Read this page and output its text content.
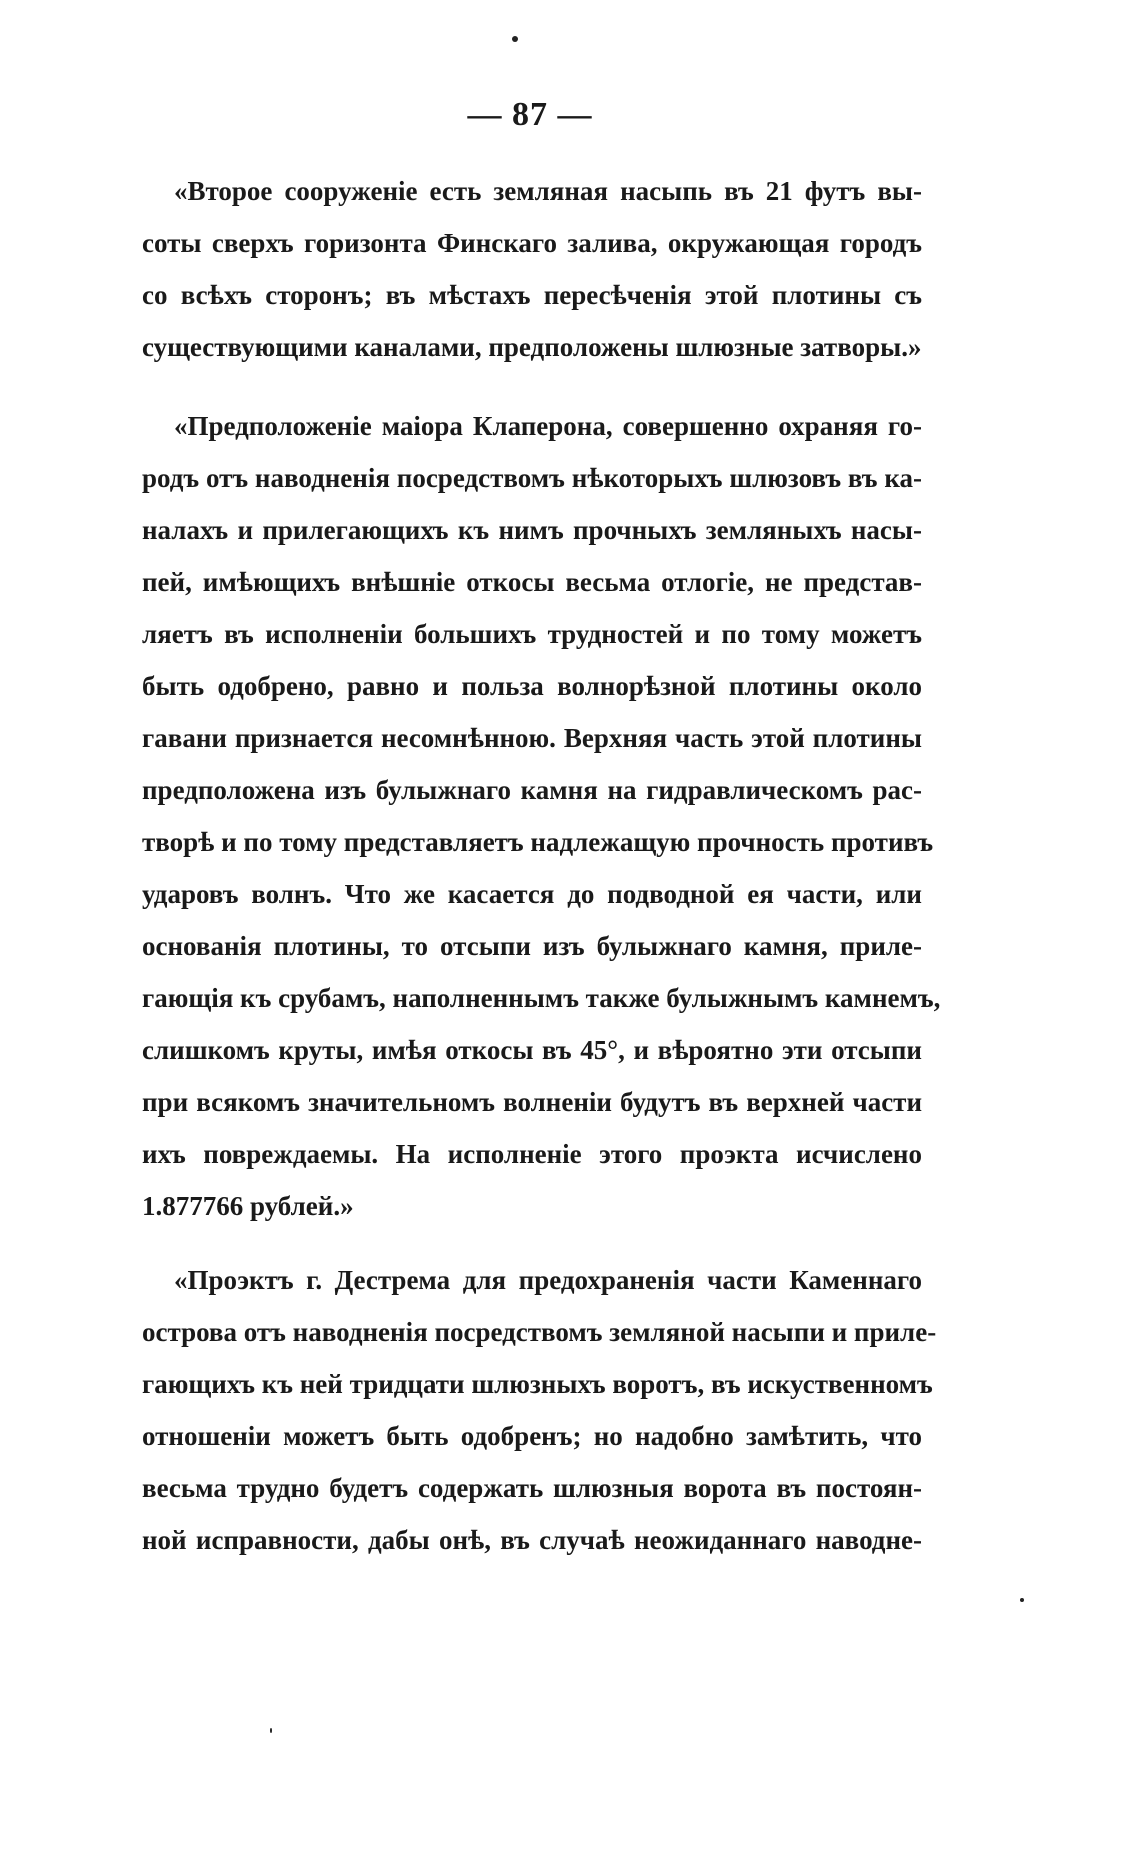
— 87 —
«Второе сооруженіе есть земляная насыпь въ 21 футъ вы-
соты сверхъ горизонта Финскаго залива, окружающая городъ
со всѣхъ сторонъ; въ мѣстахъ пересѣченія этой плотины съ
существующими каналами, предположены шлюзные затворы.»
«Предположеніе маіора Клаперона, совершенно охраняя го-
родъ отъ наводненія посредствомъ нѣкоторыхъ шлюзовъ въ ка-
налахъ и прилегающихъ къ нимъ прочныхъ земляныхъ насы-
пей, имѣющихъ внѣшніе откосы весьма отлогіе, не представ-
ляетъ въ исполненіи большихъ трудностей и по тому можетъ
быть одобрено, равно и польза волнорѣзной плотины около
гавани признается несомнѣнною. Верхняя часть этой плотины
предположена изъ булыжнаго камня на гидравлическомъ рас-
творѣ и по тому представляетъ надлежащую прочность противъ
ударовъ волнъ. Что же касается до подводной ея части, или
основанія плотины, то отсыпи изъ булыжнаго камня, приле-
гающія къ срубамъ, наполненнымъ также булыжнымъ камнемъ,
слишкомъ круты, имѣя откосы въ 45°, и вѣроятно эти отсыпи
при всякомъ значительномъ волненіи будутъ въ верхней части
ихъ повреждаемы. На исполненіе этого проэкта исчислено
1.877766 рублей.»
«Проэктъ г. Дестрема для предохраненія части Каменнаго
острова отъ наводненія посредствомъ земляной насыпи и приле-
гающихъ къ ней тридцати шлюзныхъ воротъ, въ искуственномъ
отношеніи можетъ быть одобренъ; но надобно замѣтить, что
весьма трудно будетъ содержать шлюзныя ворота въ постоян-
ной исправности, дабы онѣ, въ случаѣ неожиданнаго наводне-
